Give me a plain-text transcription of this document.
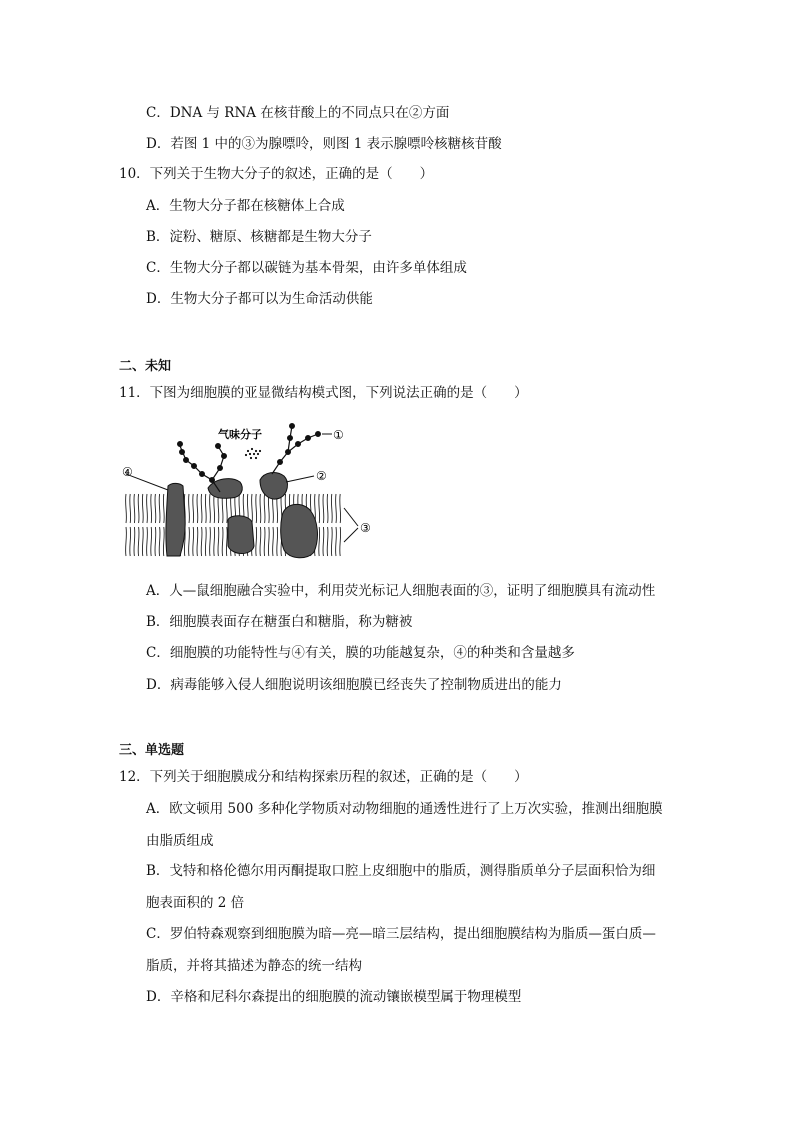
C．DNA 与 RNA 在核苷酸上的不同点只在②方面
D．若图 1 中的③为腺嘌呤，则图 1 表示腺嘌呤核糖核苷酸
10．下列关于生物大分子的叙述，正确的是（　　）
A．生物大分子都在核糖体上合成
B．淀粉、糖原、核糖都是生物大分子
C．生物大分子都以碳链为基本骨架，由许多单体组成
D．生物大分子都可以为生命活动供能
二、未知
11．下图为细胞膜的亚显微结构模式图，下列说法正确的是（　　）
气味分子	①
②
④
③
A．人—鼠细胞融合实验中，利用荧光标记人细胞表面的③，证明了细胞膜具有流动性
B．细胞膜表面存在糖蛋白和糖脂，称为糖被
C．细胞膜的功能特性与④有关，膜的功能越复杂，④的种类和含量越多
D．病毒能够入侵人细胞说明该细胞膜已经丧失了控制物质进出的能力
三、单选题
12．下列关于细胞膜成分和结构探索历程的叙述，正确的是（　　）
A．欧文顿用 500 多种化学物质对动物细胞的通透性进行了上万次实验，推测出细胞膜
由脂质组成
B．戈特和格伦德尔用丙酮提取口腔上皮细胞中的脂质，测得脂质单分子层面积恰为细
胞表面积的 2 倍
C．罗伯特森观察到细胞膜为暗—亮—暗三层结构，提出细胞膜结构为脂质—蛋白质—
脂质，并将其描述为静态的统一结构
D．辛格和尼科尔森提出的细胞膜的流动镶嵌模型属于物理模型
